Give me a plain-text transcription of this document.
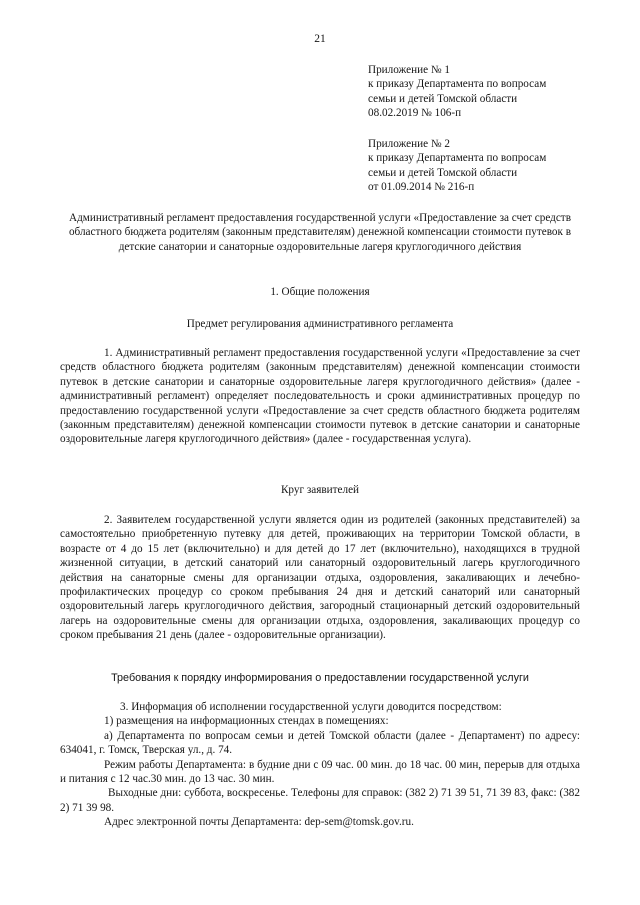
21
Приложение № 1
к приказу Департамента по вопросам
семьи и детей Томской области
08.02.2019 № 106-п
Приложение № 2
к приказу Департамента по вопросам
семьи и детей Томской области
от 01.09.2014 № 216-п
Административный регламент предоставления государственной услуги «Предоставление за счет средств областного бюджета родителям (законным представителям) денежной компенсации стоимости путевок в детские санатории и санаторные оздоровительные лагеря круглогодичного действия
1. Общие положения
Предмет регулирования административного регламента

1. Административный регламент предоставления государственной услуги «Предоставление за счет средств областного бюджета родителям (законным представителям) денежной компенсации стоимости путевок в детские санатории и санаторные оздоровительные лагеря круглогодичного действия» (далее - административный регламент) определяет последовательность и сроки административных процедур по предоставлению государственной услуги «Предоставление за счет средств областного бюджета родителям (законным представителям) денежной компенсации стоимости путевок в детские санатории и санаторные оздоровительные лагеря круглогодичного действия» (далее - государственная услуга).

Круг заявителей

2. Заявителем государственной услуги является один из родителей (законных представителей) за самостоятельно приобретенную путевку для детей, проживающих на территории Томской области, в возрасте от 4 до 15 лет (включительно) и для детей до 17 лет (включительно), находящихся в трудной жизненной ситуации, в детский санаторий или санаторный оздоровительный лагерь круглогодичного действия на санаторные смены для организации отдыха, оздоровления, закаливающих и лечебно-профилактических процедур со сроком пребывания 24 дня и детский санаторий или санаторный оздоровительный лагерь круглогодичного действия, загородный стационарный детский оздоровительный лагерь на оздоровительные смены для организации отдыха, оздоровления, закаливающих процедур со сроком пребывания 21 день (далее - оздоровительные организации).

Требования к порядку информирования о предоставлении государственной услуги
3. Информация об исполнении государственной услуги доводится посредством:
1) размещения на информационных стендах в помещениях:
а) Департамента по вопросам семьи и детей Томской области (далее - Департамент) по адресу: 634041, г. Томск, Тверская ул., д. 74.
Режим работы Департамента: в будние дни с 09 час. 00 мин. до 18 час. 00 мин, перерыв для отдыха и питания с 12 час.30 мин. до 13 час. 30 мин.
Выходные дни: суббота, воскресенье. Телефоны для справок: (382 2) 71 39 51, 71 39 83, факс: (382 2) 71 39 98.
Адрес электронной почты Департамента: dep-sem@tomsk.gov.ru.
